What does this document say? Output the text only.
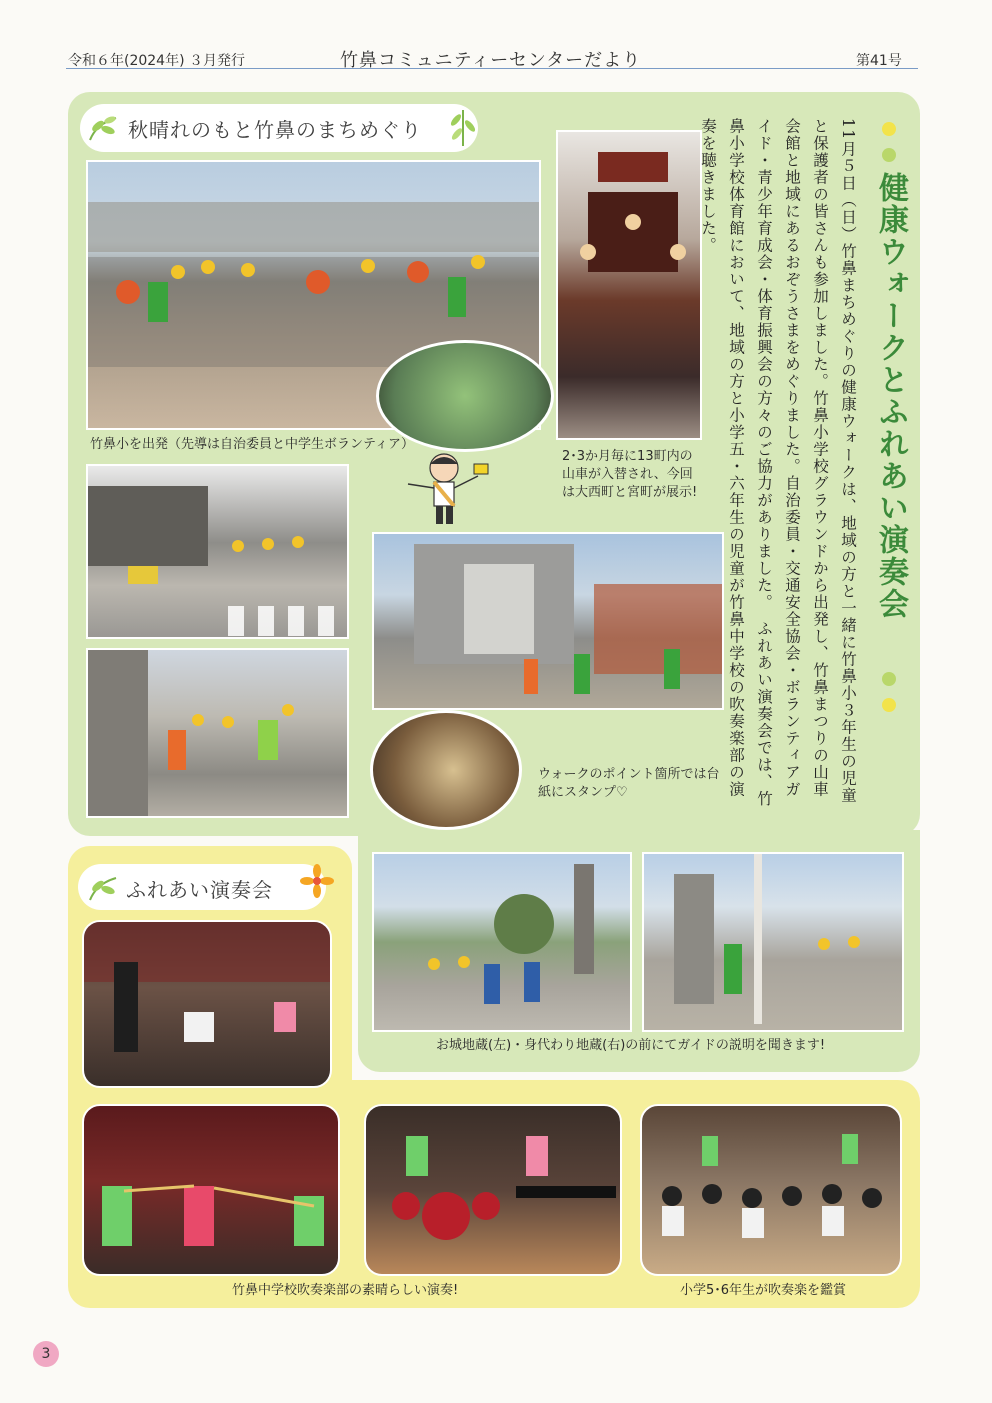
令和６年(2024年) ３月発行	竹鼻コミュニティーセンターだより	第41号
秋晴れのもと竹鼻のまちめぐり
竹鼻小を出発（先導は自治委員と中学生ボランティア）
2･3か月毎に13町内の山車が入替され、今回は大西町と宮町が展示!
ウォークのポイント箇所では台紙にスタンプ♡
健康ウォークとふれあい演奏会
11月５日（日）竹鼻まちめぐりの健康ウォークは、地域の方と一緒に竹鼻小３年生の児童と保護者の皆さんも参加しました。竹鼻小学校グラウンドから出発し、竹鼻まつりの山車会館と地域にあるおぞうさまをめぐりました。自治委員・交通安全協会・ボランティアガイド・青少年育成会・体育振興会の方々のご協力がありました。　ふれあい演奏会では、竹鼻小学校体育館において、地域の方と小学五・六年生の児童が竹鼻中学校の吹奏楽部の演奏を聴きました。
お城地蔵(左)・身代わり地蔵(右)の前にてガイドの説明を聞きます!
ふれあい演奏会
竹鼻中学校吹奏楽部の素晴らしい演奏!	小学5･6年生が吹奏楽を鑑賞
3
